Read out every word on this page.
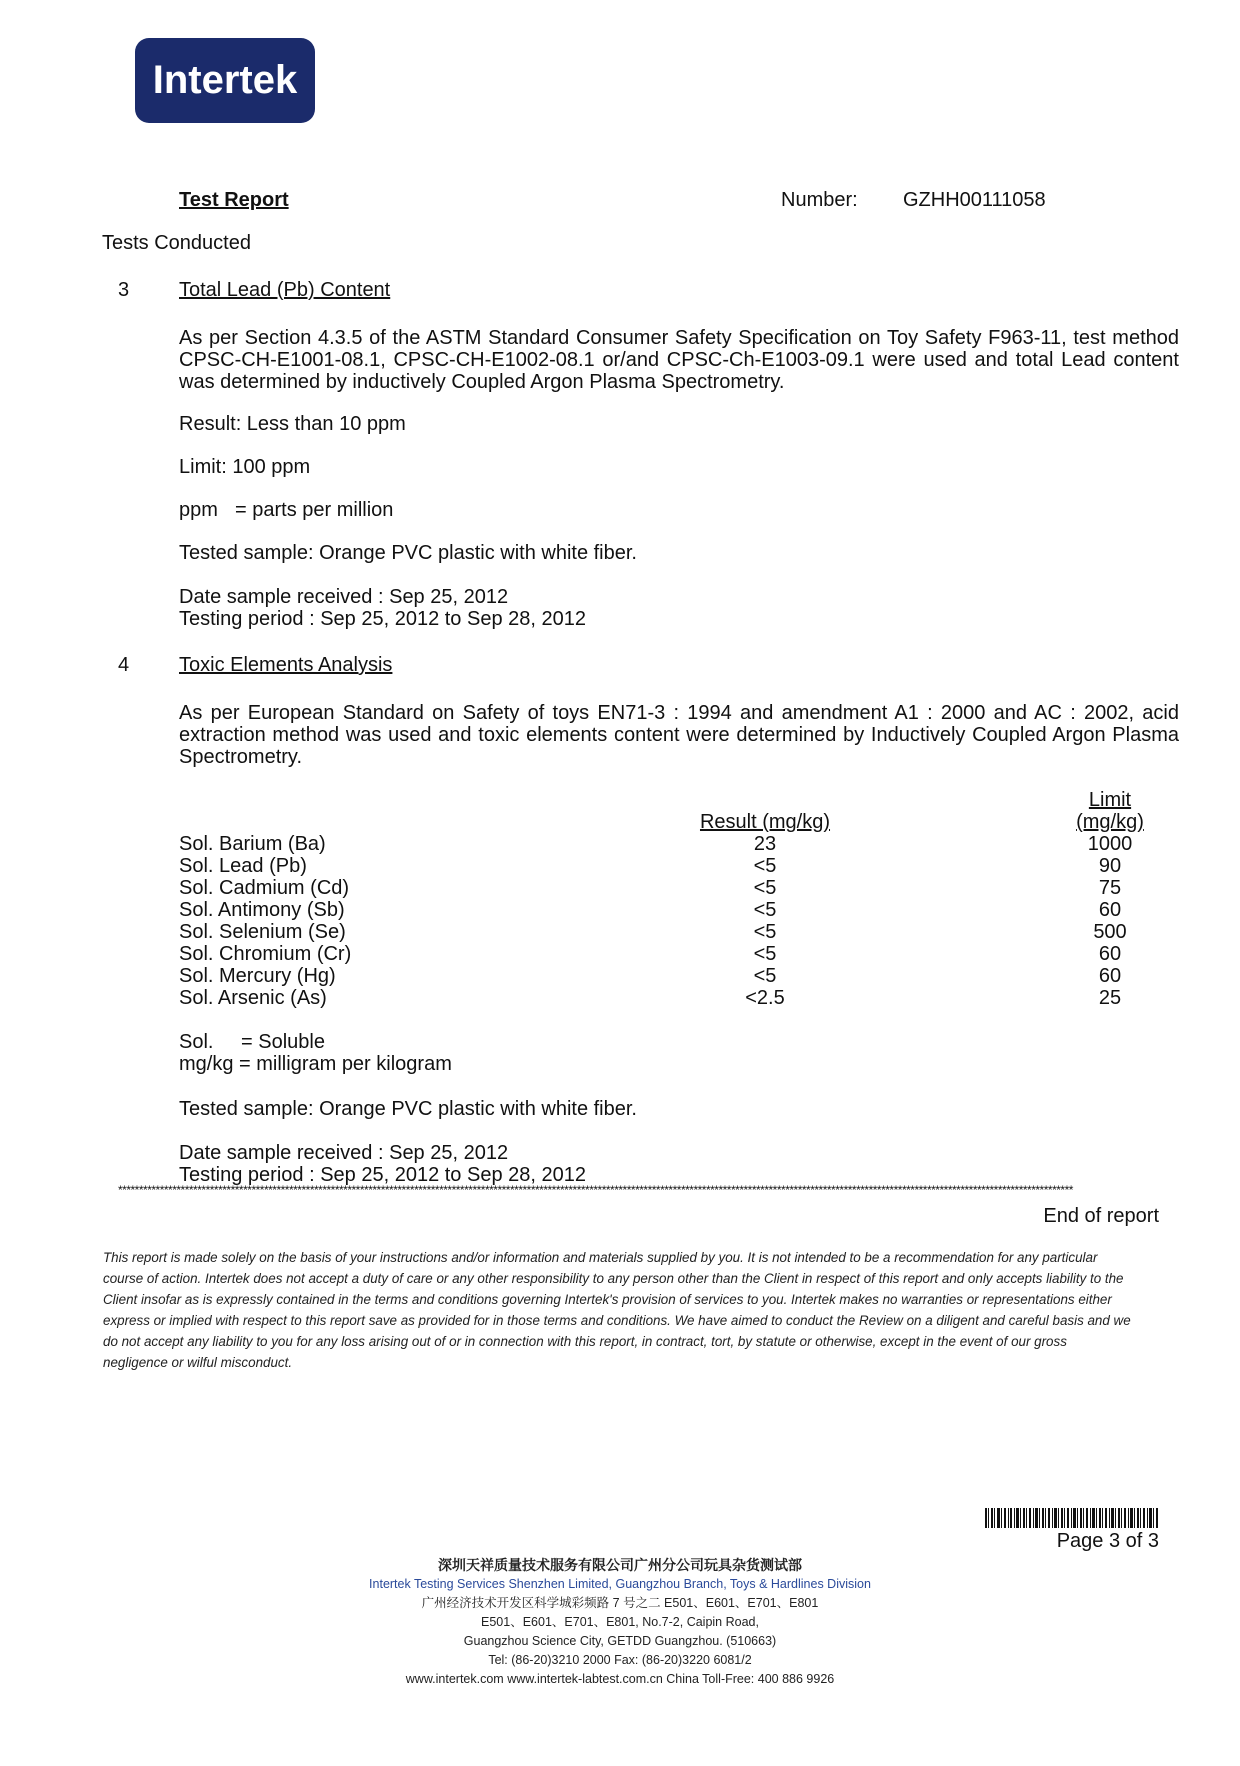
Intertek
Test Report	Number: GZHH00111058
Tests Conducted
3 Total Lead (Pb) Content
As per Section 4.3.5 of the ASTM Standard Consumer Safety Specification on Toy Safety F963-11, test method CPSC-CH-E1001-08.1, CPSC-CH-E1002-08.1 or/and CPSC-Ch-E1003-09.1 were used and total Lead content was determined by inductively Coupled Argon Plasma Spectrometry.
Result: Less than 10 ppm
Limit: 100 ppm
ppm = parts per million
Tested sample: Orange PVC plastic with white fiber.
Date sample received : Sep 25, 2012
Testing period : Sep 25, 2012 to Sep 28, 2012
4 Toxic Elements Analysis
As per European Standard on Safety of toys EN71-3 : 1994 and amendment A1 : 2000 and AC : 2002, acid extraction method was used and toxic elements content were determined by Inductively Coupled Argon Plasma Spectrometry.
Limit
Result (mg/kg)	(mg/kg)
Sol. Barium (Ba)	23	1000
Sol. Lead (Pb)	<5	90
Sol. Cadmium (Cd)	<5	75
Sol. Antimony (Sb)	<5	60
Sol. Selenium (Se)	<5	500
Sol. Chromium (Cr)	<5	60
Sol. Mercury (Hg)	<5	60
Sol. Arsenic (As)	<2.5	25
Sol. = Soluble
mg/kg = milligram per kilogram
Tested sample: Orange PVC plastic with white fiber.
Date sample received : Sep 25, 2012
Testing period : Sep 25, 2012 to Sep 28, 2012
*************************************************************************************************************************************************************************************************************************************
End of report
This report is made solely on the basis of your instructions and/or information and materials supplied by you. It is not intended to be a recommendation for any particular course of action. Intertek does not accept a duty of care or any other responsibility to any person other than the Client in respect of this report and only accepts liability to the Client insofar as is expressly contained in the terms and conditions governing Intertek's provision of services to you. Intertek makes no warranties or representations either express or implied with respect to this report save as provided for in those terms and conditions. We have aimed to conduct the Review on a diligent and careful basis and we do not accept any liability to you for any loss arising out of or in connection with this report, in contract, tort, by statute or otherwise, except in the event of our gross negligence or wilful misconduct.
Page 3 of 3
深圳天祥质量技术服务有限公司广州分公司玩具杂货测试部
Intertek Testing Services Shenzhen Limited, Guangzhou Branch, Toys & Hardlines Division
广州经济技术开发区科学城彩频路 7 号之二 E501、E601、E701、E801
E501、E601、E701、E801, No.7-2, Caipin Road,
Guangzhou Science City, GETDD Guangzhou. (510663)
Tel: (86-20)3210 2000 Fax: (86-20)3220 6081/2
www.intertek.com www.intertek-labtest.com.cn China Toll-Free: 400 886 9926
